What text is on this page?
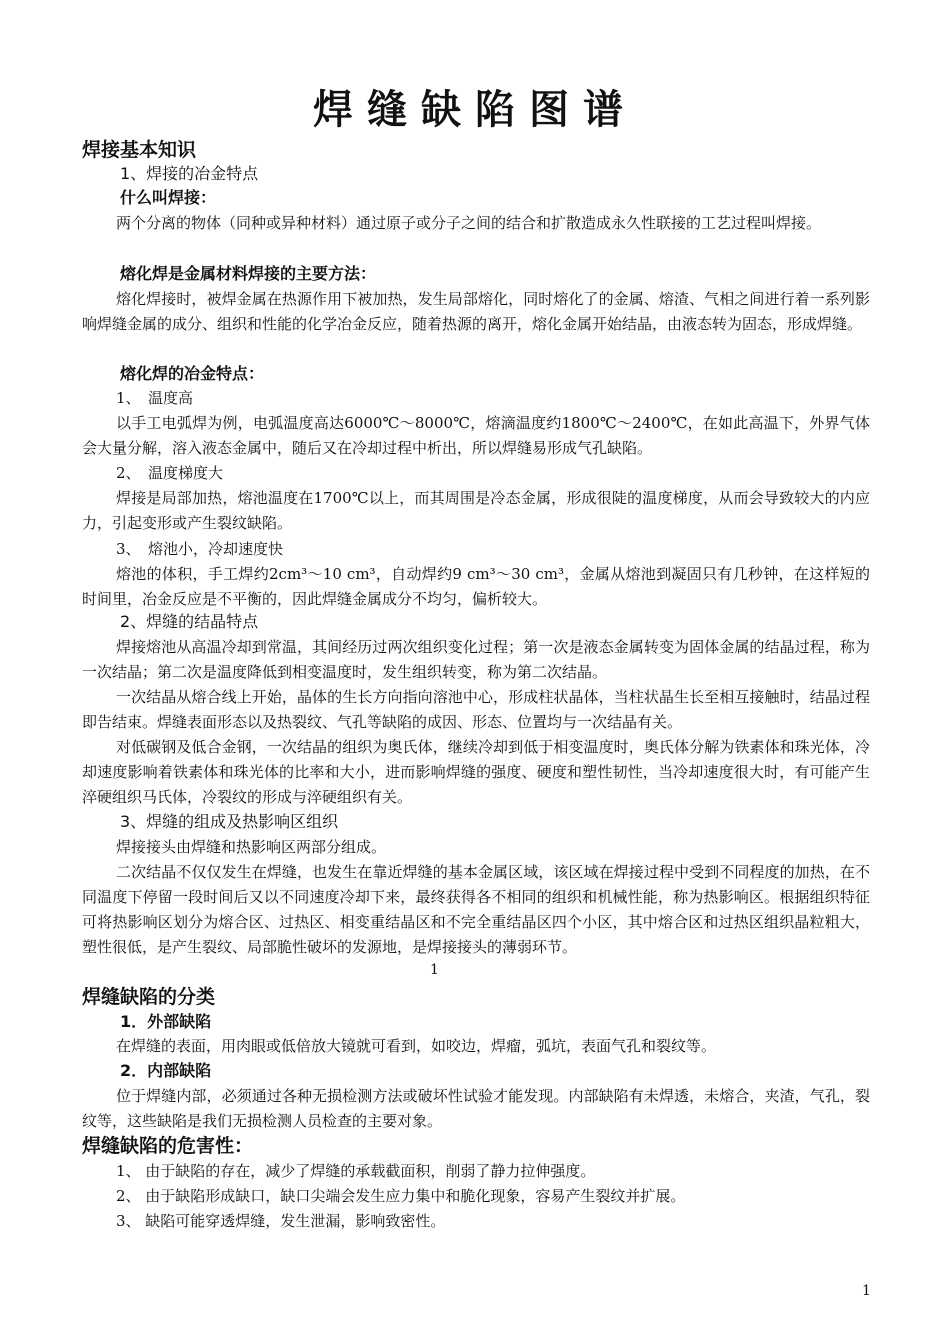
焊缝缺陷图谱
焊接基本知识
1、焊接的冶金特点
什么叫焊接：

两个分离的物体（同种或异种材料）通过原子或分子之间的结合和扩散造成永久性联接的工艺过程叫焊接。

熔化焊是金属材料焊接的主要方法：

熔化焊接时，被焊金属在热源作用下被加热，发生局部熔化，同时熔化了的金属、熔渣、气相之间进行着一系列影响焊缝金属的成分、组织和性能的化学冶金反应，随着热源的离开，熔化金属开始结晶，由液态转为固态，形成焊缝。

熔化焊的冶金特点：
1、　温度高

以手工电弧焊为例，电弧温度高达6000℃～8000℃，熔滴温度约1800℃～2400℃，在如此高温下，外界气体会大量分解，溶入液态金属中，随后又在冷却过程中析出，所以焊缝易形成气孔缺陷。

2、　温度梯度大

焊接是局部加热，熔池温度在1700℃以上，而其周围是冷态金属，形成很陡的温度梯度，从而会导致较大的内应力，引起变形或产生裂纹缺陷。

3、　熔池小，冷却速度快

熔池的体积，手工焊约2cm³～10 cm³，自动焊约9 cm³～30 cm³，金属从熔池到凝固只有几秒钟，在这样短的时间里，冶金反应是不平衡的，因此焊缝金属成分不均匀，偏析较大。

2、焊缝的结晶特点

焊接熔池从高温冷却到常温，其间经历过两次组织变化过程；第一次是液态金属转变为固体金属的结晶过程，称为一次结晶；第二次是温度降低到相变温度时，发生组织转变，称为第二次结晶。

一次结晶从熔合线上开始，晶体的生长方向指向溶池中心，形成柱状晶体，当柱状晶生长至相互接触时，结晶过程即告结束。焊缝表面形态以及热裂纹、气孔等缺陷的成因、形态、位置均与一次结晶有关。

对低碳钢及低合金钢，一次结晶的组织为奥氏体，继续冷却到低于相变温度时，奥氏体分解为铁素体和珠光体，冷却速度影响着铁素体和珠光体的比率和大小，进而影响焊缝的强度、硬度和塑性韧性，当冷却速度很大时，有可能产生淬硬组织马氏体，冷裂纹的形成与淬硬组织有关。

3、焊缝的组成及热影响区组织

焊接接头由焊缝和热影响区两部分组成。

二次结晶不仅仅发生在焊缝，也发生在靠近焊缝的基本金属区域，该区域在焊接过程中受到不同程度的加热，在不同温度下停留一段时间后又以不同速度冷却下来，最终获得各不相同的组织和机械性能，称为热影响区。根据组织特征可将热影响区划分为熔合区、过热区、相变重结晶区和不完全重结晶区四个小区，其中熔合区和过热区组织晶粒粗大，塑性很低，是产生裂纹、局部脆性破坏的发源地，是焊接接头的薄弱环节。

1
焊缝缺陷的分类
1．外部缺陷

在焊缝的表面，用肉眼或低倍放大镜就可看到，如咬边，焊瘤，弧坑，表面气孔和裂纹等。

2．内部缺陷

位于焊缝内部，必须通过各种无损检测方法或破坏性试验才能发现。内部缺陷有未焊透，未熔合，夹渣，气孔，裂纹等，这些缺陷是我们无损检测人员检查的主要对象。

焊缝缺陷的危害性：
1、 由于缺陷的存在，减少了焊缝的承载截面积，削弱了静力拉伸强度。
2、 由于缺陷形成缺口，缺口尖端会发生应力集中和脆化现象，容易产生裂纹并扩展。
3、 缺陷可能穿透焊缝，发生泄漏，影响致密性。
1
